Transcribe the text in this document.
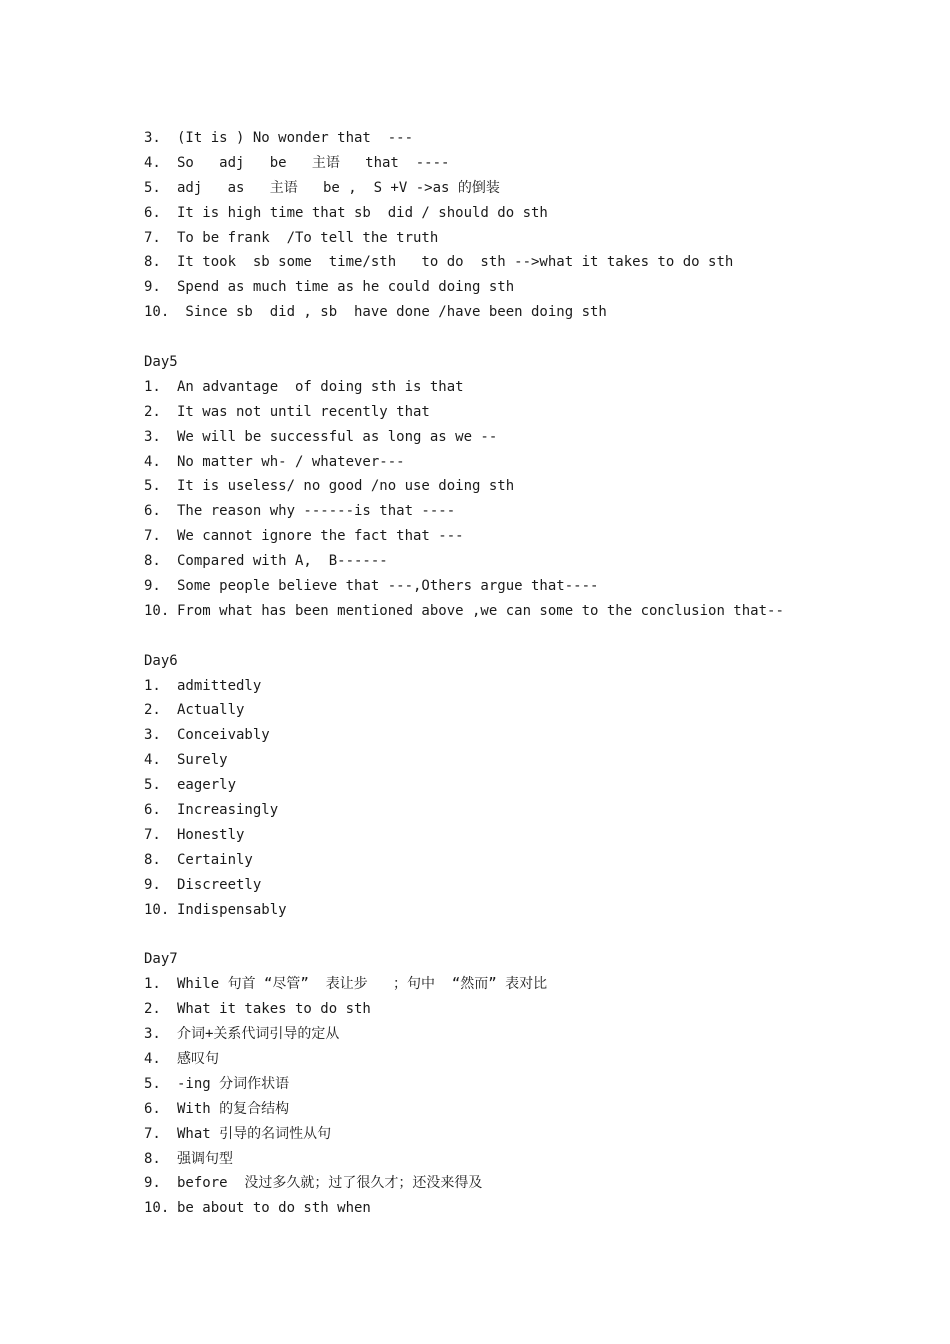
3.	(It is ) No wonder that  ---
4.	So   adj   be   主语   that  ----
5.	adj   as   主语   be ,  S +V ->as 的倒装
6.	It is high time that sb  did / should do sth
7.	To be frank  /To tell the truth
8.	It took  sb some  time/sth   to do  sth -->what it takes to do sth
9.	Spend as much time as he could doing sth
10. Since sb  did , sb  have done /have been doing sth
Day5
1.	An advantage  of doing sth is that
2.	It was not until recently that
3.	We will be successful as long as we --
4.	No matter wh- / whatever---
5.	It is useless/ no good /no use doing sth
6.	The reason why ------is that ----
7.	We cannot ignore the fact that ---
8.	Compared with A,  B------
9.	Some people believe that ---,Others argue that----
10. From what has been mentioned above ,we can some to the conclusion that--
Day6
1.	admittedly
2.	Actually
3.	Conceivably
4.	Surely
5.	eagerly
6.	Increasingly
7.	Honestly
8.	Certainly
9.	Discreetly
10. Indispensably
Day7
1.	While 句首 “尽管”  表让步   ；句中  “然而” 表对比
2.	What it takes to do sth
3.	介词+关系代词引导的定从
4.	感叹句
5.	-ing 分词作状语
6.	With 的复合结构
7.	What 引导的名词性从句
8.	强调句型
9.	before  没过多久就；过了很久才；还没来得及
10. be about to do sth when
